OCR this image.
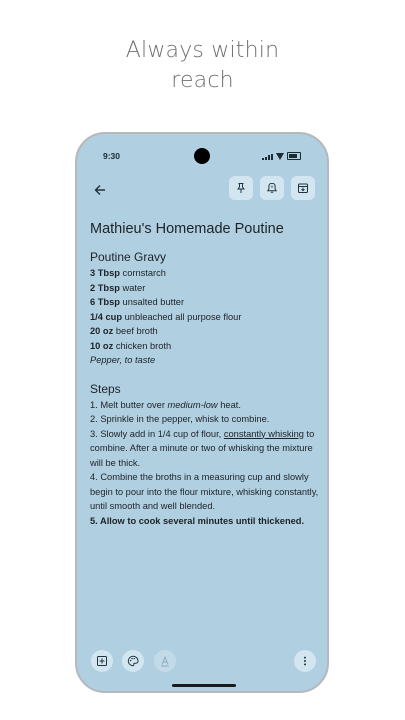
Always within
reach
9:30
Mathieu's Homemade Poutine
Poutine Gravy
3 Tbsp cornstarch
2 Tbsp water
6 Tbsp unsalted butter
1/4 cup unbleached all purpose flour
20 oz beef broth
10 oz chicken broth
Pepper, to taste
Steps
1. Melt butter over medium-low heat.
2. Sprinkle in the pepper, whisk to combine.
3. Slowly add in 1/4 cup of flour, constantly whisking to combine. After a minute or two of whisking the mixture will be thick.
4. Combine the broths in a measuring cup and slowly begin to pour into the flour mixture, whisking constantly, until smooth and well blended.
5. Allow to cook several minutes until thickened.
